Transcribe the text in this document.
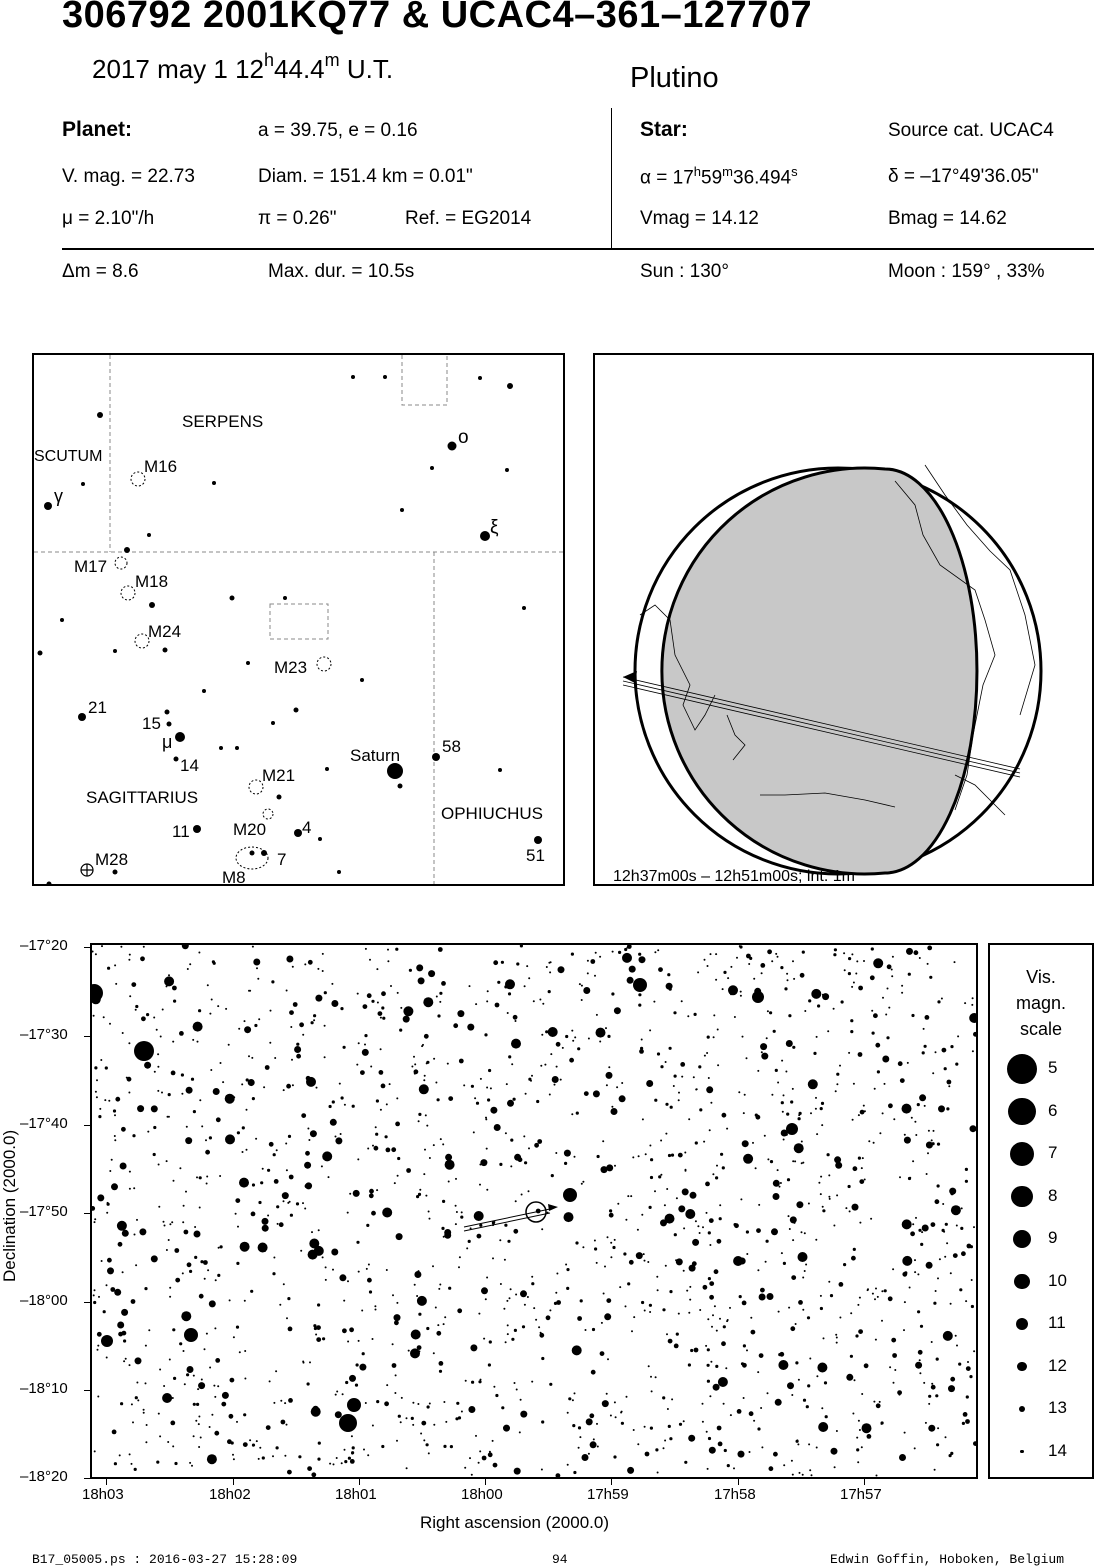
306792 2001KQ77 & UCAC4–361–127707
2017 may 1 12$^h$44.4$^m$ U.T.	Plutino
Planet:	a = 39.75, e = 0.16
V. mag. = 22.73	Diam. = 151.4 km = 0.01"
μ = 2.10"/h	π = 0.26"	Ref. = EG2014
Star:	Source cat. UCAC4
$\alpha = 17^h59^m36.494^s$	δ = –17°49'36.05"
Vmag = 14.12	Bmag = 14.62
Δm = 8.6	Max. dur. = 10.5s	Sun : 130°	Moon : 159° , 33%
SERPENS
SCUTUM
SAGITTARIUS
OPHIUCHUS
M16
M17
M18
M24
M23
M21
M20
M8
M28
Saturn
ο
ξ
γ
μ
21
15
14
58
11	4
7	51
12h37m00s – 12h51m00s; int. 1m
–17°20
–17°30
–17°40
–17°50
–18°00
–18°10
–18°20
18h03	18h02	18h01	18h00	17h59	17h58	17h57
Declination (2000.0)
Right ascension (2000.0)
Vis.
magn.
scale
5
6
7
8
9
10
11
12
13
14
B17_05005.ps : 2016-03-27 15:28:09	94	Edwin Goffin, Hoboken, Belgium
